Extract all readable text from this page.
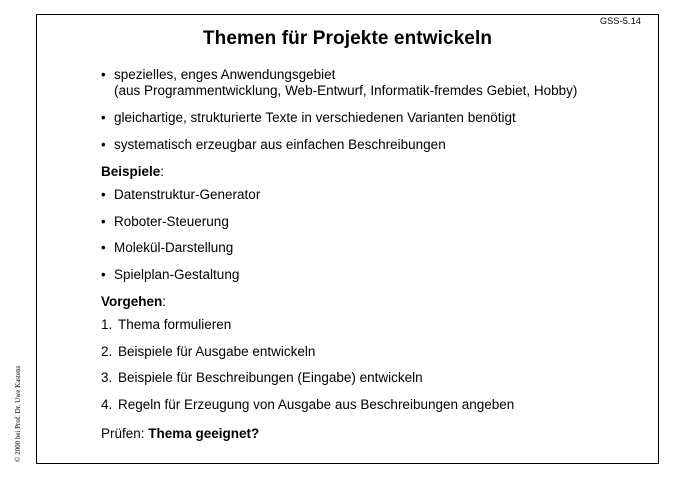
GSS-5.14
Themen für Projekte entwickeln
• spezielles, enges Anwendungsgebiet
(aus Programmentwicklung, Web-Entwurf, Informatik-fremdes Gebiet, Hobby)
• gleichartige, strukturierte Texte in verschiedenen Varianten benötigt
• systematisch erzeugbar aus einfachen Beschreibungen
Beispiele:
• Datenstruktur-Generator
• Roboter-Steuerung
• Molekül-Darstellung
• Spielplan-Gestaltung
Vorgehen:
1. Thema formulieren
2. Beispiele für Ausgabe entwickeln
3. Beispiele für Beschreibungen (Eingabe) entwickeln
4. Regeln für Erzeugung von Ausgabe aus Beschreibungen angeben
Prüfen: Thema geeignet?
© 2000 bei Prof. Dr. Uwe Kastens
